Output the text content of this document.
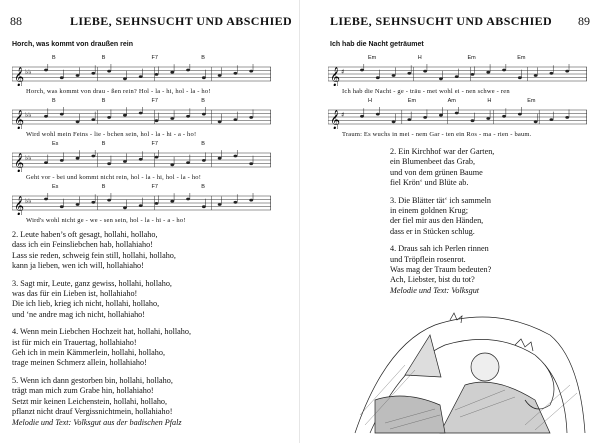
88	LIEBE, SEHNSUCHT UND ABSCHIED
Horch, was kommt von draußen rein
B	B	F7	B
𝄞 ♭♭
Horch, was kommt von drau - ßen rein? Hol - la - hi, hol - la - ho!
B	B	F7	B
𝄞 ♭♭
Wird wohl mein Feins - lie - bchen sein, hol - la - hi - a - ho!
Es	B	F7	B
𝄞 ♭♭
Geht vor - bei und kommt nicht rein, hol - la - hi, hol - la - ho!
Es	B	F7	B
𝄞 ♭♭
Wird's wohl nicht ge - we - sen sein, hol - la - hi - a - ho!

2. Leute haben’s oft gesagt, hollahi, hollaho,
dass ich ein Feinsliebchen hab, hollahiaho!
Lass sie reden, schweig fein still, hollahi, hollaho,
kann ja lieben, wen ich will, hollahiaho!

3. Sagt mir, Leute, ganz gewiss, hollahi, hollaho,
was das für ein Lieben ist, hollahiaho!
Die ich lieb, krieg ich nicht, hollahi, hollaho,
und ‘ne andre mag ich nicht, hollahiaho!

4. Wenn mein Liebchen Hochzeit hat, hollahi, hollaho,
ist für mich ein Trauertag, hollahiaho!
Geh ich in mein Kämmerlein, hollahi, hollaho,
trage meinen Schmerz allein, hollahiaho!

5. Wenn ich dann gestorben bin, hollahi, hollaho,
trägt man mich zum Grabe hin, hollahiaho!
Setzt mir keinen Leichenstein, hollahi, hollaho,
pflanzt nicht drauf Vergissnichtmein, hollahiaho!
Melodie und Text: Volksgut aus der badischen Pfalz

LIEBE, SEHNSUCHT UND ABSCHIED 89
Ich hab die Nacht geträumet
Em	H	Em	Em
𝄞 ♯
Ich hab die Nacht - ge - träu - met wohl ei - nen schwe - ren
H	Em	Am	H	Em
𝄞 ♯
Traum: Es wuchs in mei - nem Gar - ten ein Ros - ma - rien - baum.

2. Ein Kirchhof war der Garten,
ein Blumenbeet das Grab,
und von dem grünen Baume
fiel Krön‘ und Blüte ab.

3. Die Blätter tät‘ ich sammeln
in einem goldnen Krug;
der fiel mir aus den Händen,
dass er in Stücken schlug.

4. Draus sah ich Perlen rinnen
und Tröpflein rosenrot.
Was mag der Traum bedeuten?
Ach, Liebster, bist du tot?
Melodie und Text: Volksgut
